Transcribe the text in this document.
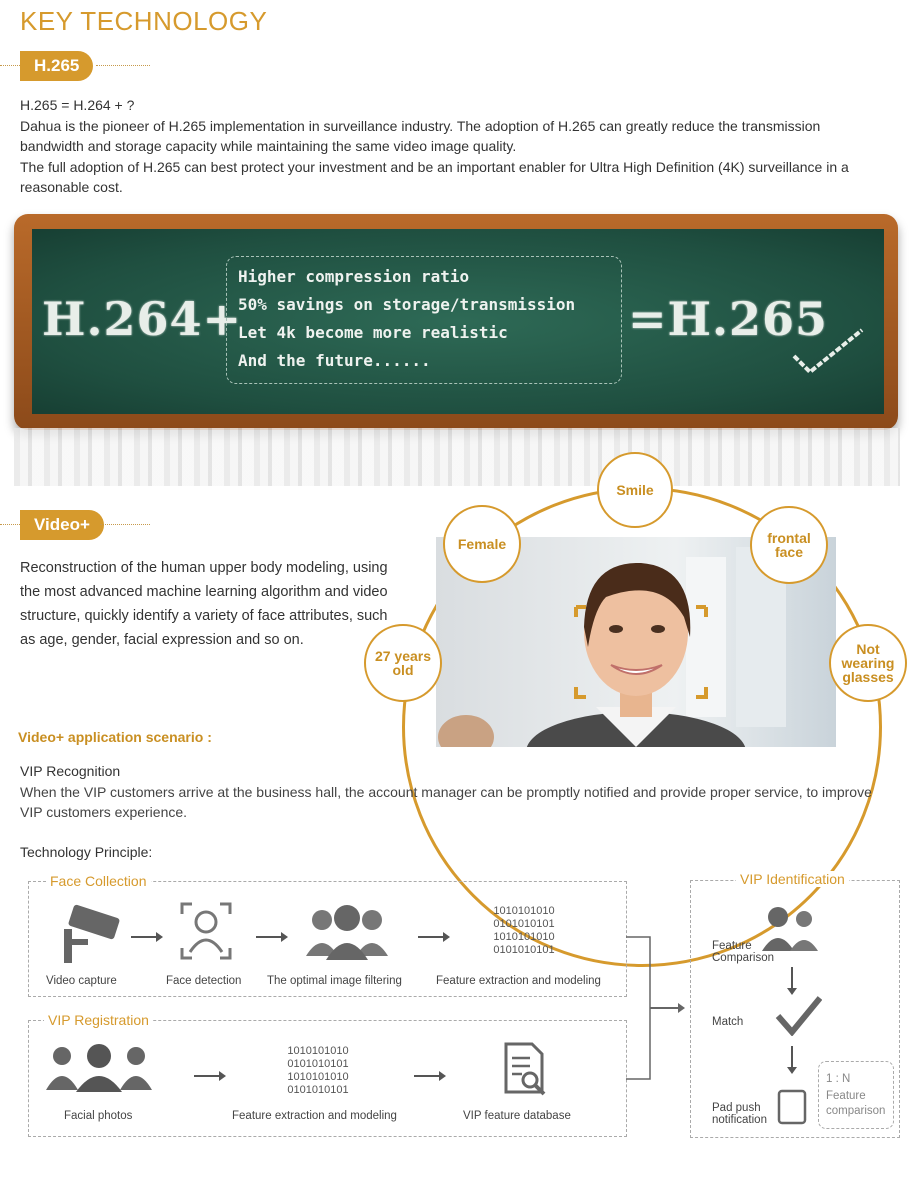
KEY TECHNOLOGY
H.265

H.265 = H.264 + ?

Dahua is the pioneer of H.265 implementation in surveillance industry. The adoption of H.265 can greatly reduce the transmission bandwidth and storage capacity while maintaining the same video image quality.

The full adoption of H.265 can best protect your investment and be an important enabler for Ultra High Definition (4K) surveillance in a reasonable cost.

H.264+
Higher compression ratio
50% savings on storage/transmission
Let 4k become more realistic
And the future......
=H.265
Video+
Reconstruction of the human upper body modeling, using the most advanced machine learning algorithm and video structure, quickly identify a variety of face attributes, such as age, gender, facial expression and so on.
Smile
Female	frontal face
27 years old
Not wearing glasses
Video+ application scenario :
VIP Recognition
When the VIP customers arrive at the business hall, the account manager can be promptly notified and provide proper service, to improve VIP customers experience.
Technology Principle:
Face Collection
1010101010
0101010101
1010101010
0101010101
Video capture	Face detection The optimal image filtering	Feature extraction and modeling
VIP Registration
1010101010
0101010101
1010101010
0101010101
Facial photos	Feature extraction and modeling	VIP feature database
VIP Identification
Feature Comparison
Match
Pad push notification
1 : N
Feature comparison
